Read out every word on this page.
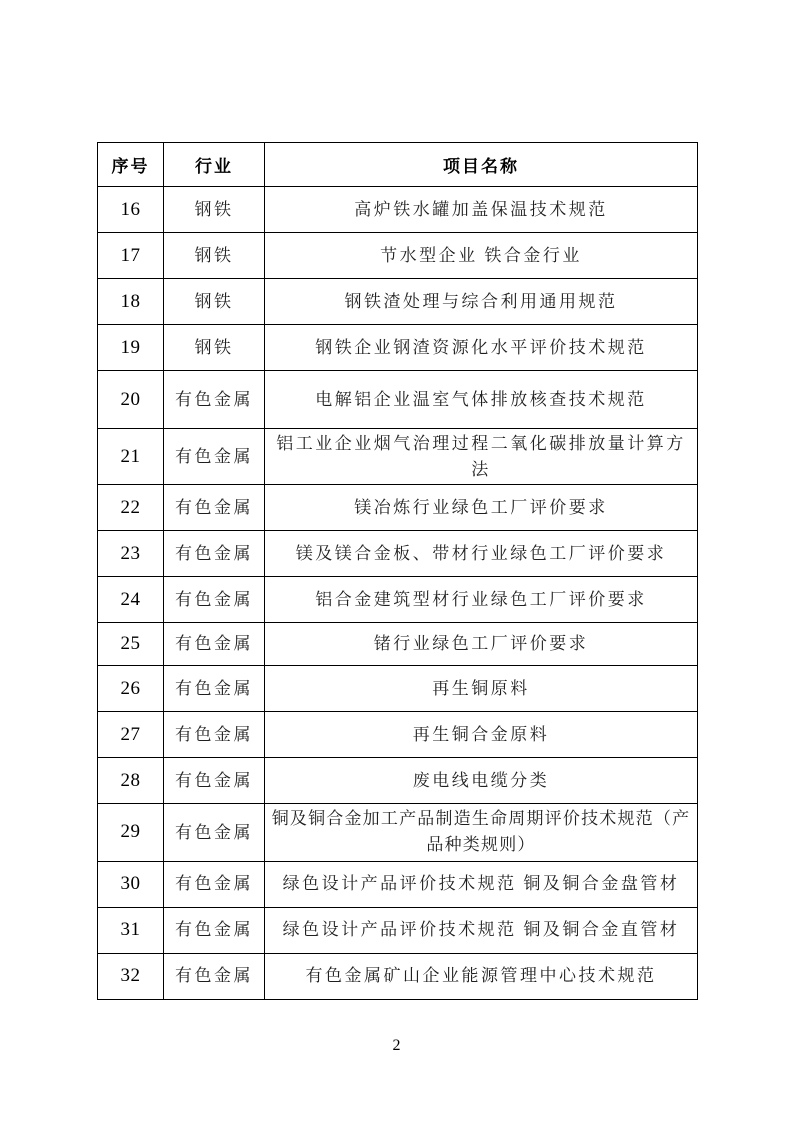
序号	行业	项目名称
16	钢铁	高炉铁水罐加盖保温技术规范
17	钢铁	节水型企业 铁合金行业
18	钢铁	钢铁渣处理与综合利用通用规范
19	钢铁	钢铁企业钢渣资源化水平评价技术规范
20	有色金属	电解铝企业温室气体排放核查技术规范
21	有色金属	铝工业企业烟气治理过程二氧化碳排放量计算方法
22	有色金属	镁冶炼行业绿色工厂评价要求
23	有色金属	镁及镁合金板、带材行业绿色工厂评价要求
24	有色金属	铝合金建筑型材行业绿色工厂评价要求
25	有色金属	锗行业绿色工厂评价要求
26	有色金属	再生铜原料
27	有色金属	再生铜合金原料
28	有色金属	废电线电缆分类
29	有色金属	铜及铜合金加工产品制造生命周期评价技术规范（产品种类规则）
30	有色金属	绿色设计产品评价技术规范 铜及铜合金盘管材
31	有色金属	绿色设计产品评价技术规范 铜及铜合金直管材
32	有色金属	有色金属矿山企业能源管理中心技术规范
2
